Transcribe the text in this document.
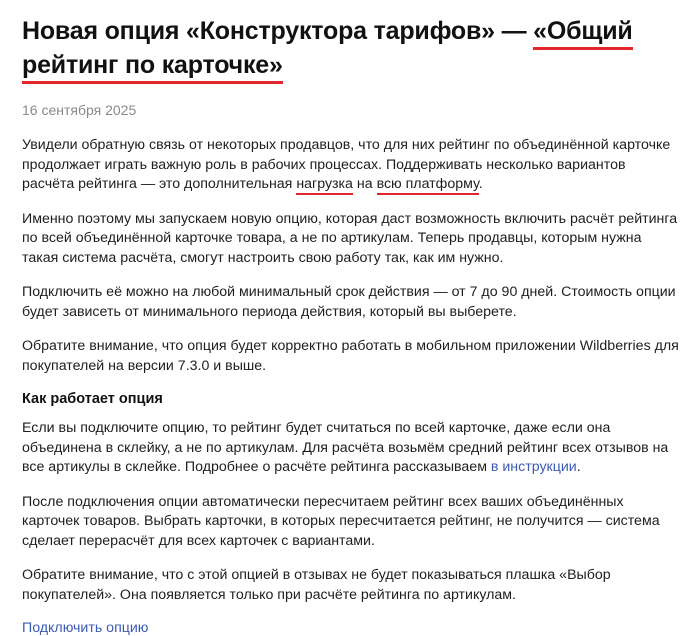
Новая опция «Конструктора тарифов» — «Общий рейтинг по карточке»
16 сентября 2025

Увидели обратную связь от некоторых продавцов, что для них рейтинг по объединённой карточке продолжает играть важную роль в рабочих процессах. Поддерживать несколько вариантов расчёта рейтинга — это дополнительная нагрузка на всю платформу.

Именно поэтому мы запускаем новую опцию, которая даст возможность включить расчёт рейтинга по всей объединённой карточке товара, а не по артикулам. Теперь продавцы, которым нужна такая система расчёта, смогут настроить свою работу так, как им нужно.

Подключить её можно на любой минимальный срок действия — от 7 до 90 дней. Стоимость опции будет зависеть от минимального периода действия, который вы выберете.

Обратите внимание, что опция будет корректно работать в мобильном приложении Wildberries для покупателей на версии 7.3.0 и выше.

Как работает опция

Если вы подключите опцию, то рейтинг будет считаться по всей карточке, даже если она объединена в склейку, а не по артикулам. Для расчёта возьмём средний рейтинг всех отзывов на все артикулы в склейке. Подробнее о расчёте рейтинга рассказываем в инструкции.

После подключения опции автоматически пересчитаем рейтинг всех ваших объединённых карточек товаров. Выбрать карточки, в которых пересчитается рейтинг, не получится — система сделает перерасчёт для всех карточек с вариантами.

Обратите внимание, что с этой опцией в отзывах не будет показываться плашка «Выбор покупателей». Она появляется только при расчёте рейтинга по артикулам.

Подключить опцию
